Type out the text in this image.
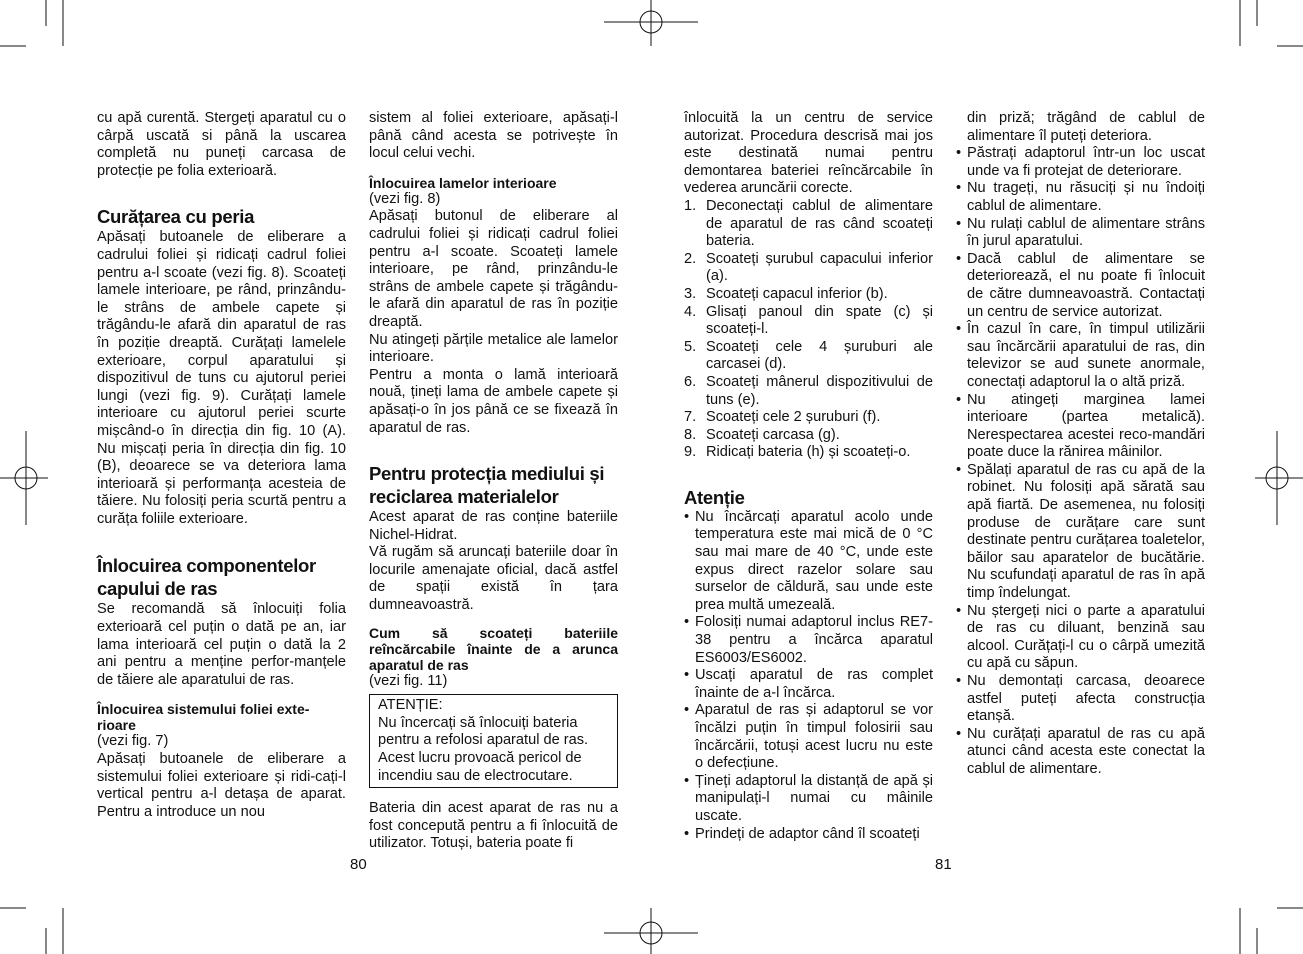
cu apă curentă. Stergeți aparatul cu o cârpă uscată si până la uscarea completă nu puneți carcasa de protecție pe folia exterioară.

Curățarea cu peria

Apăsați butoanele de eliberare a cadrului foliei și ridicați cadrul foliei pentru a-l scoate (vezi fig. 8). Scoateți lamele interioare, pe rând, prinzându-le strâns de ambele capete și trăgându-le afară din aparatul de ras în poziție dreaptă. Curățați lamelele exterioare, corpul aparatului și dispozitivul de tuns cu ajutorul periei lungi (vezi fig. 9). Curățați lamele interioare cu ajutorul periei scurte mișcând-o în direcția din fig. 10 (A). Nu mișcați peria în direcția din fig. 10 (B), deoarece se va deteriora lama interioară și performanța acesteia de tăiere. Nu folosiți peria scurtă pentru a curăța foliile exterioare.

Înlocuirea componentelor capului de ras

Se recomandă să înlocuiți folia exterioară cel puțin o dată pe an, iar lama interioară cel puțin o dată la 2 ani pentru a menține perfor-manțele de tăiere ale aparatului de ras.

Înlocuirea sistemului foliei exte-rioare

(vezi fig. 7)

Apăsați butoanele de eliberare a sistemului foliei exterioare și ridi-cați-l vertical pentru a-l detașa de aparat. Pentru a introduce un nou

sistem al foliei exterioare, apăsați-l până când acesta se potrivește în locul celui vechi.

Înlocuirea lamelor interioare

(vezi fig. 8)

Apăsați butonul de eliberare al cadrului foliei și ridicați cadrul foliei pentru a-l scoate. Scoateți lamele interioare, pe rând, prinzându-le strâns de ambele capete și trăgându-le afară din aparatul de ras în poziție dreaptă.

Nu atingeți părțile metalice ale lamelor interioare.

Pentru a monta o lamă interioară nouă, țineți lama de ambele capete și apăsați-o în jos până ce se fixează în aparatul de ras.

Pentru protecția mediului și reciclarea materialelor

Acest aparat de ras conține bateriile Nichel-Hidrat.

Vă rugăm să aruncați bateriile doar în locurile amenajate oficial, dacă astfel de spații există în țara dumneavoastră.

Cum să scoateți bateriile reîncărcabile înainte de a arunca aparatul de ras

(vezi fig. 11)

ATENȚIE:

Nu încercați să înlocuiți bateria pentru a refolosi aparatul de ras. Acest lucru provoacă pericol de incendiu sau de electrocutare.

Bateria din acest aparat de ras nu a fost concepută pentru a fi înlocuită de utilizator. Totuși, bateria poate fi

înlocuită la un centru de service autorizat. Procedura descrisă mai jos este destinată numai pentru demontarea bateriei reîncărcabile în vederea aruncării corecte.

1. Deconectați cablul de alimentare de aparatul de ras când scoateți bateria.
2. Scoateți șurubul capacului inferior (a).
3. Scoateți capacul inferior (b).
4. Glisați panoul din spate (c) și scoateți-l.
5. Scoateți cele 4 șuruburi ale carcasei (d).
6. Scoateți mânerul dispozitivului de tuns (e).
7. Scoateți cele 2 șuruburi (f).
8. Scoateți carcasa (g).
9. Ridicați bateria (h) și scoateți-o.
Atenție
• Nu încărcați aparatul acolo unde temperatura este mai mică de 0 °C sau mai mare de 40 °C, unde este expus direct razelor solare sau surselor de căldură, sau unde este prea multă umezeală.
• Folosiți numai adaptorul inclus RE7-38 pentru a încărca aparatul ES6003/ES6002.
• Uscați aparatul de ras complet înainte de a-l încărca.
• Aparatul de ras și adaptorul se vor încălzi puțin în timpul folosirii sau încărcării, totuși acest lucru nu este o defecțiune.
• Țineți adaptorul la distanță de apă și manipulați-l numai cu mâinile uscate.
• Prindeți de adaptor când îl scoateți
din priză; trăgând de cablul de alimentare îl puteți deteriora.
• Păstrați adaptorul într-un loc uscat unde va fi protejat de deteriorare.
• Nu trageți, nu răsuciți și nu îndoiți cablul de alimentare.
• Nu rulați cablul de alimentare strâns în jurul aparatului.
• Dacă cablul de alimentare se deteriorează, el nu poate fi înlocuit de către dumneavoastră. Contactați un centru de service autorizat.
• În cazul în care, în timpul utilizării sau încărcării aparatului de ras, din televizor se aud sunete anormale, conectați adaptorul la o altă priză.
• Nu atingeți marginea lamei interioare (partea metalică). Nerespectarea acestei reco-mandări poate duce la rănirea mâinilor.
• Spălați aparatul de ras cu apă de la robinet. Nu folosiți apă sărată sau apă fiartă. De asemenea, nu folosiți produse de curățare care sunt destinate pentru curățarea toaletelor, băilor sau aparatelor de bucătărie. Nu scufundați aparatul de ras în apă timp îndelungat.
• Nu ștergeți nici o parte a aparatului de ras cu diluant, benzină sau alcool. Curățați-l cu o cârpă umezită cu apă cu săpun.
• Nu demontați carcasa, deoarece astfel puteți afecta construcția etanșă.
• Nu curățați aparatul de ras cu apă atunci când acesta este conectat la cablul de alimentare.
80	81
